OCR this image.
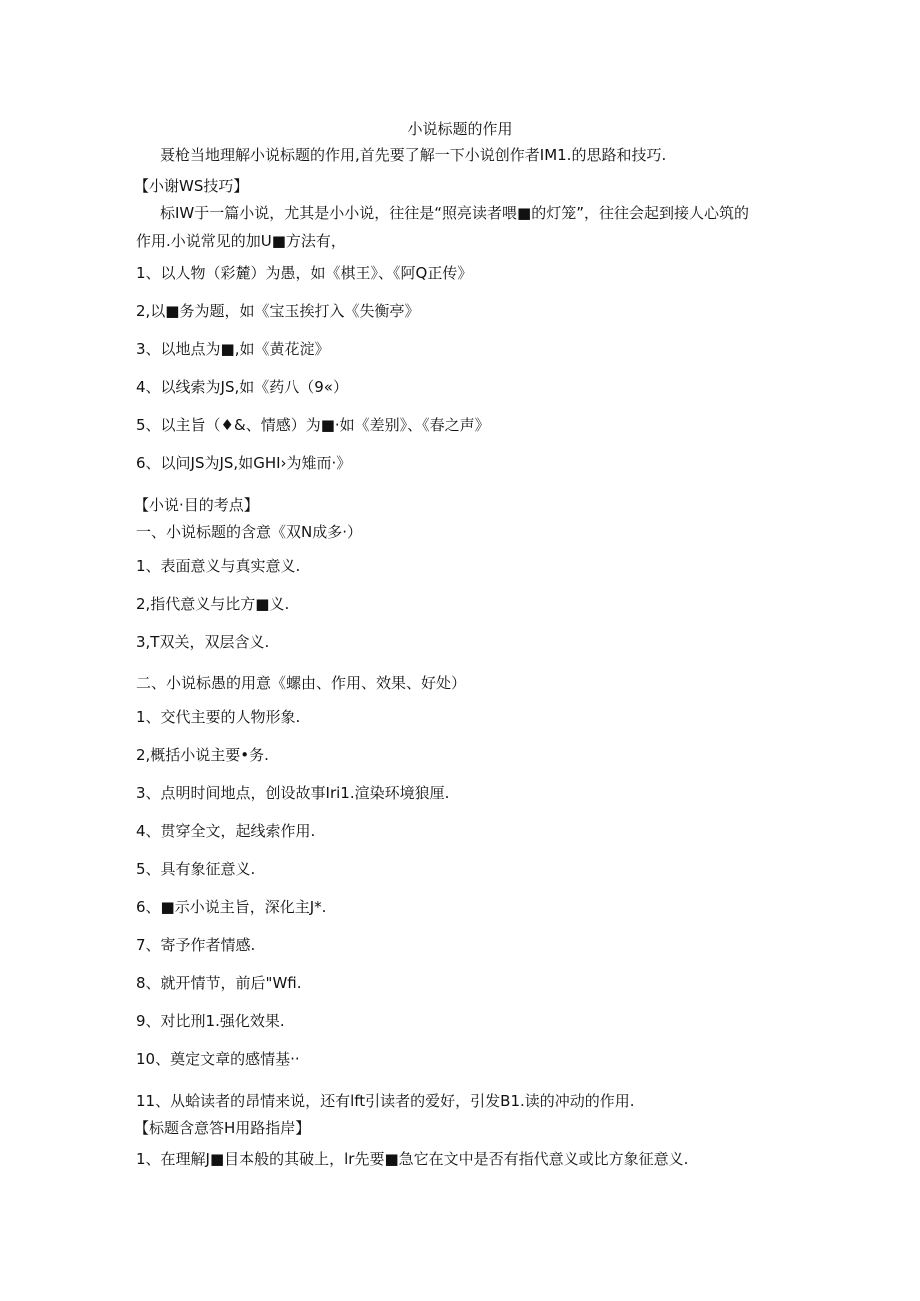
小说标题的作用
聂枪当地理解小说标题的作用,首先要了解一下小说创作者IM1.的思路和技巧.
【小谢WS技巧】
标IW于一篇小说，尤其是小小说，往往是“照亮读者喂■的灯笼”，往往会起到接人心筑的
作用.小说常见的加U■方法有，
1、以人物（彩麓）为愚，如《棋王》、《阿Q正传》
2,以■务为题，如《宝玉挨打入《失衡亭》
3、以地点为■,如《黄花淀》
4、以线索为JS,如《药八（9«）
5、以主旨（♦&、情感）为■·如《差别》、《春之声》
6、以问JS为JS,如GHI›为雉而·》
【小说·目的考点】
一、小说标题的含意《双N成多·）
1、表面意义与真实意义.
2,指代意义与比方■义.
3,T双关，双层含义.
二、小说标愚的用意《螺由、作用、效果、好处）
1、交代主要的人物形象.
2,概括小说主要•务.
3、点明时间地点，创设故事Iri1.渲染环境狼厘.
4、贯穿全文，起线索作用.
5、具有象征意义.
6、■示小说主旨，深化主J*.
7、寄予作者情感.
8、就开情节，前后"Wfi.
9、对比刑1.强化效果.
10、奠定文章的感情基··
11、从蛤读者的昂情来说，还有lft引读者的爱好，引发B1.读的冲动的作用.
【标题含意答H用路指岸】
1、在理解J■目本般的其破上，lr先要■急它在文中是否有指代意义或比方象征意义.
